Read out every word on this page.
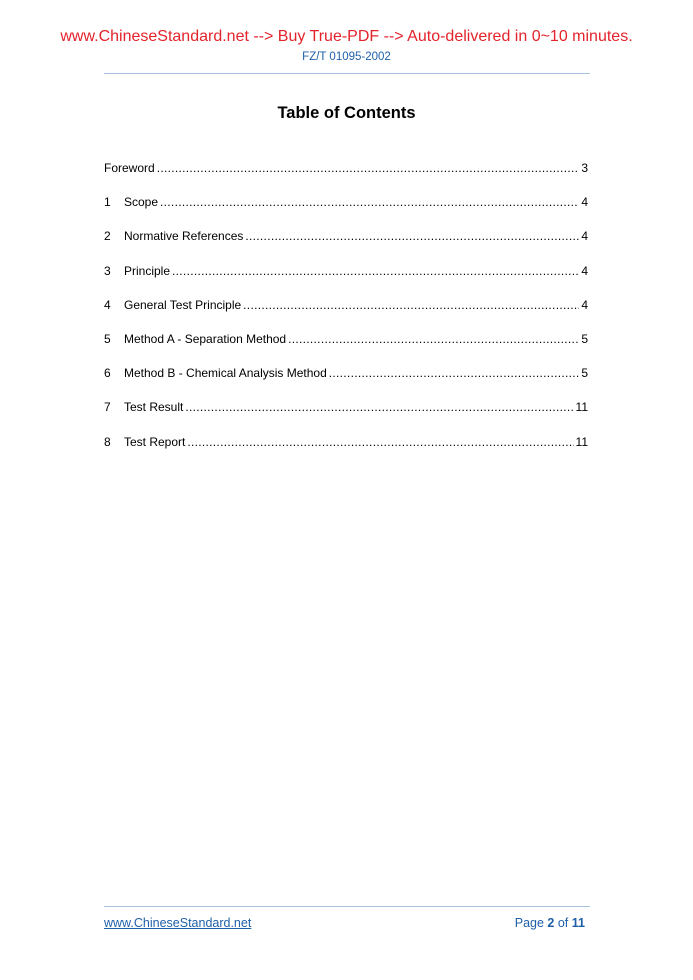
www.ChineseStandard.net --> Buy True-PDF --> Auto-delivered in 0~10 minutes.
FZ/T 01095-2002
Table of Contents
Foreword .....	3
1	Scope .....	4
2	Normative References .....	4
3	Principle .....	4
4	General Test Principle .....	4
5	Method A - Separation Method .....	5
6	Method B - Chemical Analysis Method .....	5
7	Test Result .....	11
8	Test Report .....	11
www.ChineseStandard.net	Page 2 of 11
